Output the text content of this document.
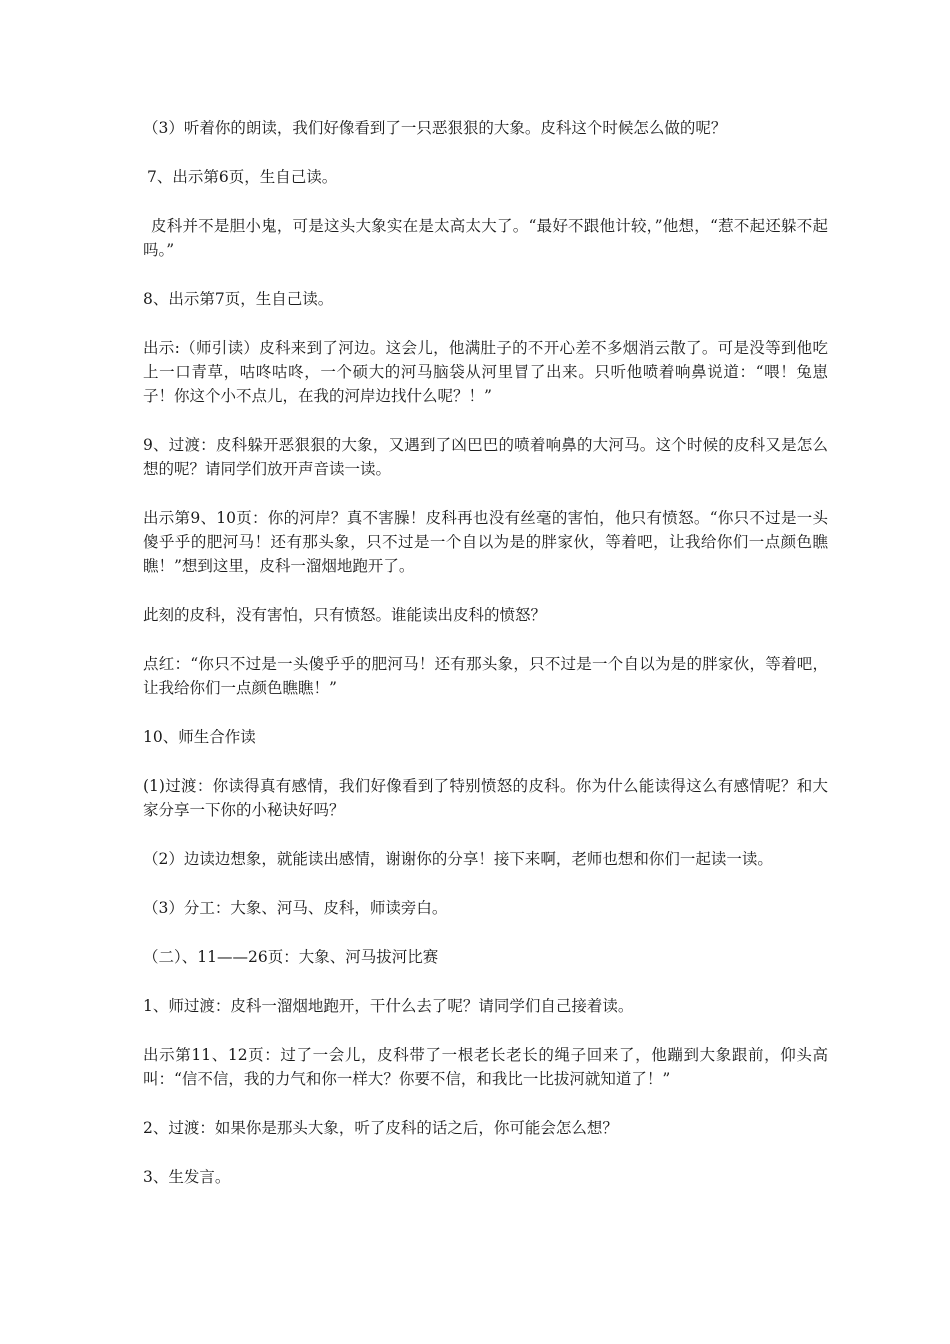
（3）听着你的朗读，我们好像看到了一只恶狠狠的大象。皮科这个时候怎么做的呢？

7、出示第6页，生自己读。

皮科并不是胆小鬼，可是这头大象实在是太高太大了。“最好不跟他计较，”他想，“惹不起还躲不起吗。”

8、出示第7页，生自己读。

出示:（师引读）皮科来到了河边。这会儿，他满肚子的不开心差不多烟消云散了。可是没等到他吃上一口青草，咕咚咕咚，一个硕大的河马脑袋从河里冒了出来。只听他喷着响鼻说道：“喂！兔崽子！你这个小不点儿，在我的河岸边找什么呢？！”

9、过渡：皮科躲开恶狠狠的大象，又遇到了凶巴巴的喷着响鼻的大河马。这个时候的皮科又是怎么想的呢？请同学们放开声音读一读。

出示第9、10页：你的河岸？真不害臊！皮科再也没有丝毫的害怕，他只有愤怒。“你只不过是一头傻乎乎的肥河马！还有那头象，只不过是一个自以为是的胖家伙，等着吧，让我给你们一点颜色瞧瞧！”想到这里，皮科一溜烟地跑开了。

此刻的皮科，没有害怕，只有愤怒。谁能读出皮科的愤怒？

点红：“你只不过是一头傻乎乎的肥河马！还有那头象，只不过是一个自以为是的胖家伙，等着吧，让我给你们一点颜色瞧瞧！”

10、师生合作读

(1)过渡：你读得真有感情，我们好像看到了特别愤怒的皮科。你为什么能读得这么有感情呢？和大家分享一下你的小秘诀好吗？

（2）边读边想象，就能读出感情，谢谢你的分享！接下来啊，老师也想和你们一起读一读。

（3）分工：大象、河马、皮科，师读旁白。

（二）、11——26页：大象、河马拔河比赛

1、师过渡：皮科一溜烟地跑开，干什么去了呢？请同学们自己接着读。

出示第11、12页：过了一会儿，皮科带了一根老长老长的绳子回来了，他蹦到大象跟前，仰头高叫：“信不信，我的力气和你一样大？你要不信，和我比一比拔河就知道了！”

2、过渡：如果你是那头大象，听了皮科的话之后，你可能会怎么想？

3、生发言。
